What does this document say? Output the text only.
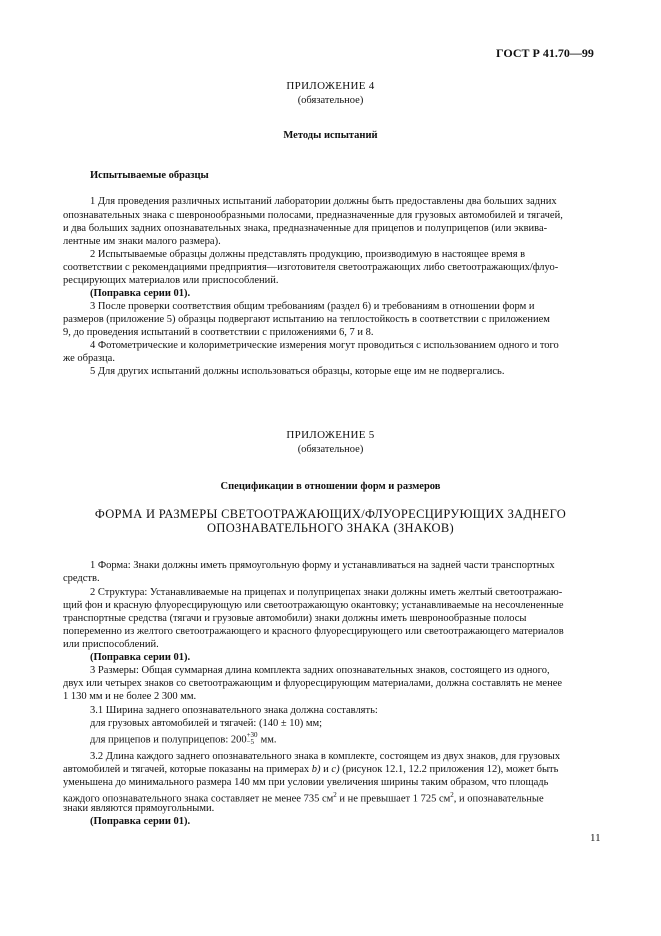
ГОСТ Р 41.70—99
ПРИЛОЖЕНИЕ 4
(обязательное)
Методы испытаний
Испытываемые образцы
1 Для проведения различных испытаний лаборатории должны быть предоставлены два больших задних
опознавательных знака с шевронообразными полосами, предназначенные для грузовых автомобилей и тягачей,
и два больших задних опознавательных знака, предназначенные для прицепов и полуприцепов (или эквива-
лентные им знаки малого размера).
2 Испытываемые образцы должны представлять продукцию, производимую в настоящее время в
соответствии с рекомендациями предприятия—изготовителя светоотражающих либо светоотражающих/флуо-
ресцирующих материалов или приспособлений.
(Поправка серии 01).
3 После проверки соответствия общим требованиям (раздел 6) и требованиям в отношении форм и
размеров (приложение 5) образцы подвергают испытанию на теплостойкость в соответствии с приложением
9, до проведения испытаний в соответствии с приложениями 6, 7 и 8.
4 Фотометрические и колориметрические измерения могут проводиться с использованием одного и того
же образца.
5 Для других испытаний должны использоваться образцы, которые еще им не подвергались.
ПРИЛОЖЕНИЕ 5
(обязательное)
Спецификации в отношении форм и размеров
ФОРМА И РАЗМЕРЫ СВЕТООТРАЖАЮЩИХ/ФЛУОРЕСЦИРУЮЩИХ ЗАДНЕГО
ОПОЗНАВАТЕЛЬНОГО ЗНАКА (ЗНАКОВ)
1 Форма: Знаки должны иметь прямоугольную форму и устанавливаться на задней части транспортных
средств.
2 Структура: Устанавливаемые на прицепах и полуприцепах знаки должны иметь желтый светоотражаю-
щий фон и красную флуоресцирующую или светоотражающую окантовку; устанавливаемые на несочлененные
транспортные средства (тягачи и грузовые автомобили) знаки должны иметь шевронообразные полосы
попеременно из желтого светоотражающего и красного флуоресцирующего или светоотражающего материалов
или приспособлений.
(Поправка серии 01).
3 Размеры: Общая суммарная длина комплекта задних опознавательных знаков, состоящего из одного,
двух или четырех знаков со светоотражающим и флуоресцирующим материалами, должна составлять не менее
1 130 мм и не более 2 300 мм.
3.1 Ширина заднего опознавательного знака должна составлять:
для грузовых автомобилей и тягачей: (140 ± 10) мм;
для прицепов и полуприцепов: 200 +30
−5 мм.
3.2 Длина каждого заднего опознавательного знака в комплекте, состоящем из двух знаков, для грузовых
автомобилей и тягачей, которые показаны на примерах b) и c) (рисунок 12.1, 12.2 приложения 12), может быть
уменьшена до минимального размера 140 мм при условии увеличения ширины таким образом, что площадь
каждого опознавательного знака составляет не менее 735 $см^2$ и не превышает 1 725 $см^2$, и опознавательные
знаки являются прямоугольными.
(Поправка серии 01).
11
